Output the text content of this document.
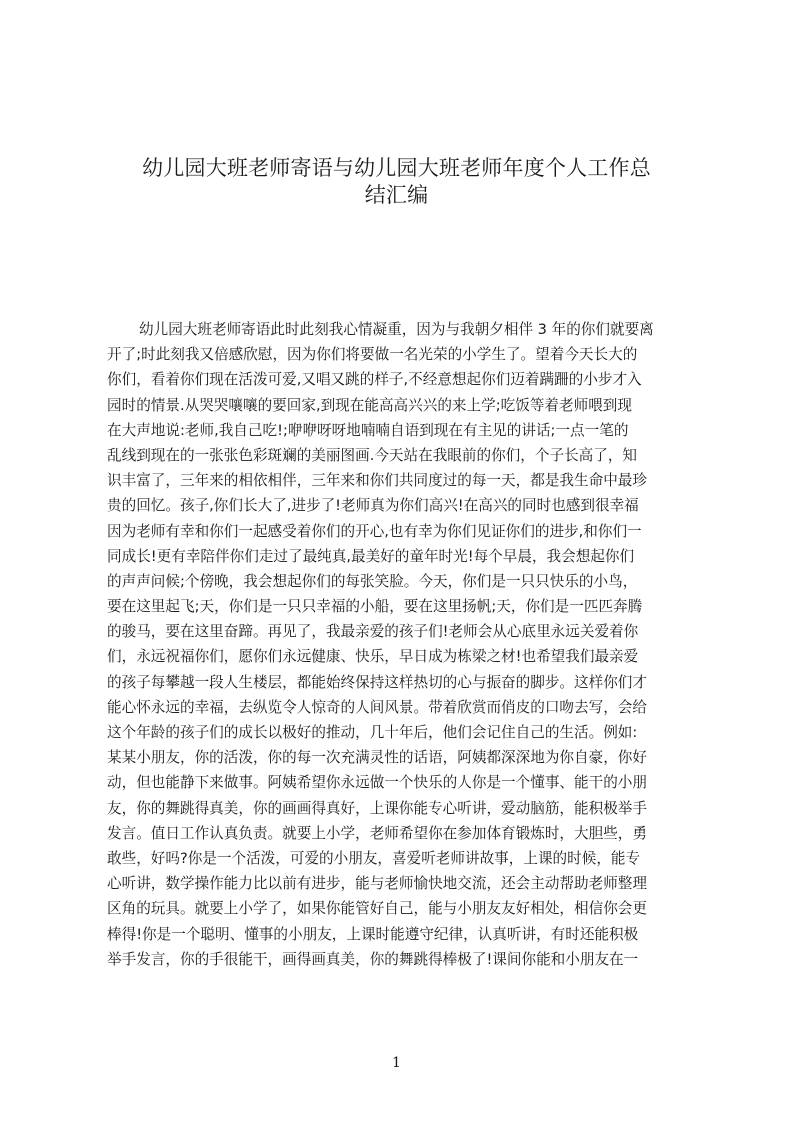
幼儿园大班老师寄语与幼儿园大班老师年度个人工作总
结汇编
幼儿园大班老师寄语此时此刻我心情凝重，因为与我朝夕相伴 3 年的你们就要离
开了;时此刻我又倍感欣慰，因为你们将要做一名光荣的小学生了。望着今天长大的
你们，看着你们现在活泼可爱,又唱又跳的样子,不经意想起你们迈着蹒跚的小步才入
园时的情景.从哭哭嚷嚷的要回家,到现在能高高兴兴的来上学;吃饭等着老师喂到现
在大声地说:老师,我自己吃!;咿咿呀呀地喃喃自语到现在有主见的讲话;一点一笔的
乱线到现在的一张张色彩斑斓的美丽图画.今天站在我眼前的你们，个子长高了，知
识丰富了，三年来的相依相伴，三年来和你们共同度过的每一天，都是我生命中最珍
贵的回忆。孩子,你们长大了,进步了!老师真为你们高兴!在高兴的同时也感到很幸福
因为老师有幸和你们一起感受着你们的开心,也有幸为你们见证你们的进步,和你们一
同成长!更有幸陪伴你们走过了最纯真,最美好的童年时光!每个早晨，我会想起你们
的声声问候;个傍晚，我会想起你们的每张笑脸。今天，你们是一只只快乐的小鸟，
要在这里起飞;天，你们是一只只幸福的小船，要在这里扬帆;天，你们是一匹匹奔腾
的骏马，要在这里奋蹄。再见了，我最亲爱的孩子们!老师会从心底里永远关爱着你
们，永远祝福你们，愿你们永远健康、快乐，早日成为栋梁之材!也希望我们最亲爱
的孩子每攀越一段人生楼层，都能始终保持这样热切的心与振奋的脚步。这样你们才
能心怀永远的幸福，去纵览令人惊奇的人间风景。带着欣赏而俏皮的口吻去写，会给
这个年龄的孩子们的成长以极好的推动，几十年后，他们会记住自己的生活。例如:
某某小朋友，你的活泼，你的每一次充满灵性的话语，阿姨都深深地为你自豪，你好
动，但也能静下来做事。阿姨希望你永远做一个快乐的人你是一个懂事、能干的小朋
友，你的舞跳得真美，你的画画得真好，上课你能专心听讲，爱动脑筋，能积极举手
发言。值日工作认真负责。就要上小学，老师希望你在参加体育锻炼时，大胆些，勇
敢些，好吗?你是一个活泼，可爱的小朋友，喜爱听老师讲故事，上课的时候，能专
心听讲，数学操作能力比以前有进步，能与老师愉快地交流，还会主动帮助老师整理
区角的玩具。就要上小学了，如果你能管好自己，能与小朋友友好相处，相信你会更
棒得!你是一个聪明、懂事的小朋友，上课时能遵守纪律，认真听讲，有时还能积极
举手发言，你的手很能干，画得画真美，你的舞跳得棒极了!课间你能和小朋友在一
1
